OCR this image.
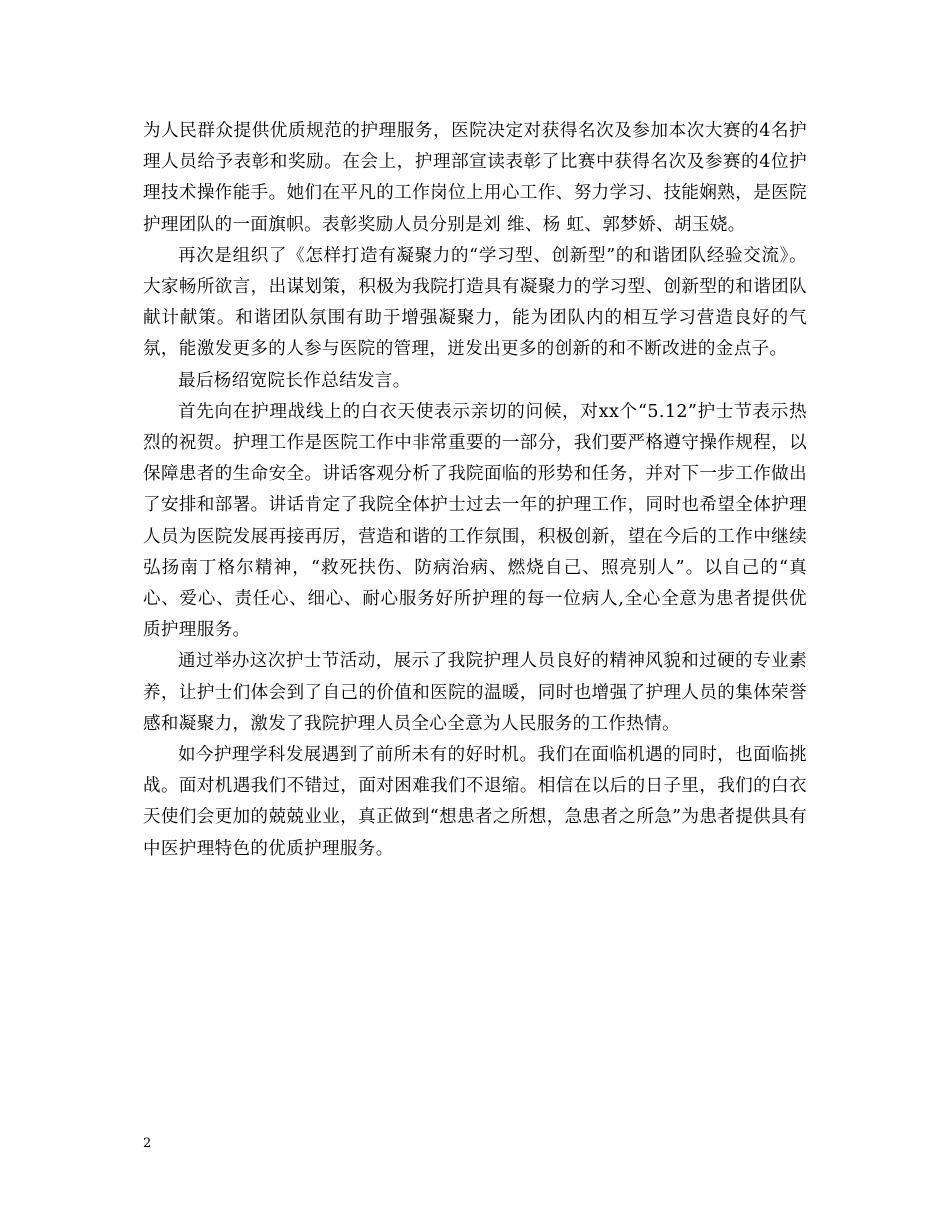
为人民群众提供优质规范的护理服务，医院决定对获得名次及参加本次大赛的4名护理人员给予表彰和奖励。在会上，护理部宣读表彰了比赛中获得名次及参赛的4位护理技术操作能手。她们在平凡的工作岗位上用心工作、努力学习、技能娴熟，是医院护理团队的一面旗帜。表彰奖励人员分别是刘 维、杨 虹、郭梦娇、胡玉娆。

再次是组织了《怎样打造有凝聚力的“学习型、创新型”的和谐团队经验交流》。大家畅所欲言，出谋划策，积极为我院打造具有凝聚力的学习型、创新型的和谐团队献计献策。和谐团队氛围有助于增强凝聚力，能为团队内的相互学习营造良好的气氛，能激发更多的人参与医院的管理，迸发出更多的创新的和不断改进的金点子。

最后杨绍宽院长作总结发言。

首先向在护理战线上的白衣天使表示亲切的问候，对xx个“5.12”护士节表示热烈的祝贺。护理工作是医院工作中非常重要的一部分，我们要严格遵守操作规程，以保障患者的生命安全。讲话客观分析了我院面临的形势和任务，并对下一步工作做出了安排和部署。讲话肯定了我院全体护士过去一年的护理工作，同时也希望全体护理人员为医院发展再接再厉，营造和谐的工作氛围，积极创新，望在今后的工作中继续弘扬南丁格尔精神，“救死扶伤、防病治病、燃烧自己、照亮别人”。以自己的“真心、爱心、责任心、细心、耐心服务好所护理的每一位病人,全心全意为患者提供优质护理服务。

通过举办这次护士节活动，展示了我院护理人员良好的精神风貌和过硬的专业素养，让护士们体会到了自己的价值和医院的温暖，同时也增强了护理人员的集体荣誉感和凝聚力，激发了我院护理人员全心全意为人民服务的工作热情。

如今护理学科发展遇到了前所未有的好时机。我们在面临机遇的同时，也面临挑战。面对机遇我们不错过，面对困难我们不退缩。相信在以后的日子里，我们的白衣天使们会更加的兢兢业业，真正做到“想患者之所想，急患者之所急”为患者提供具有中医护理特色的优质护理服务。

2
